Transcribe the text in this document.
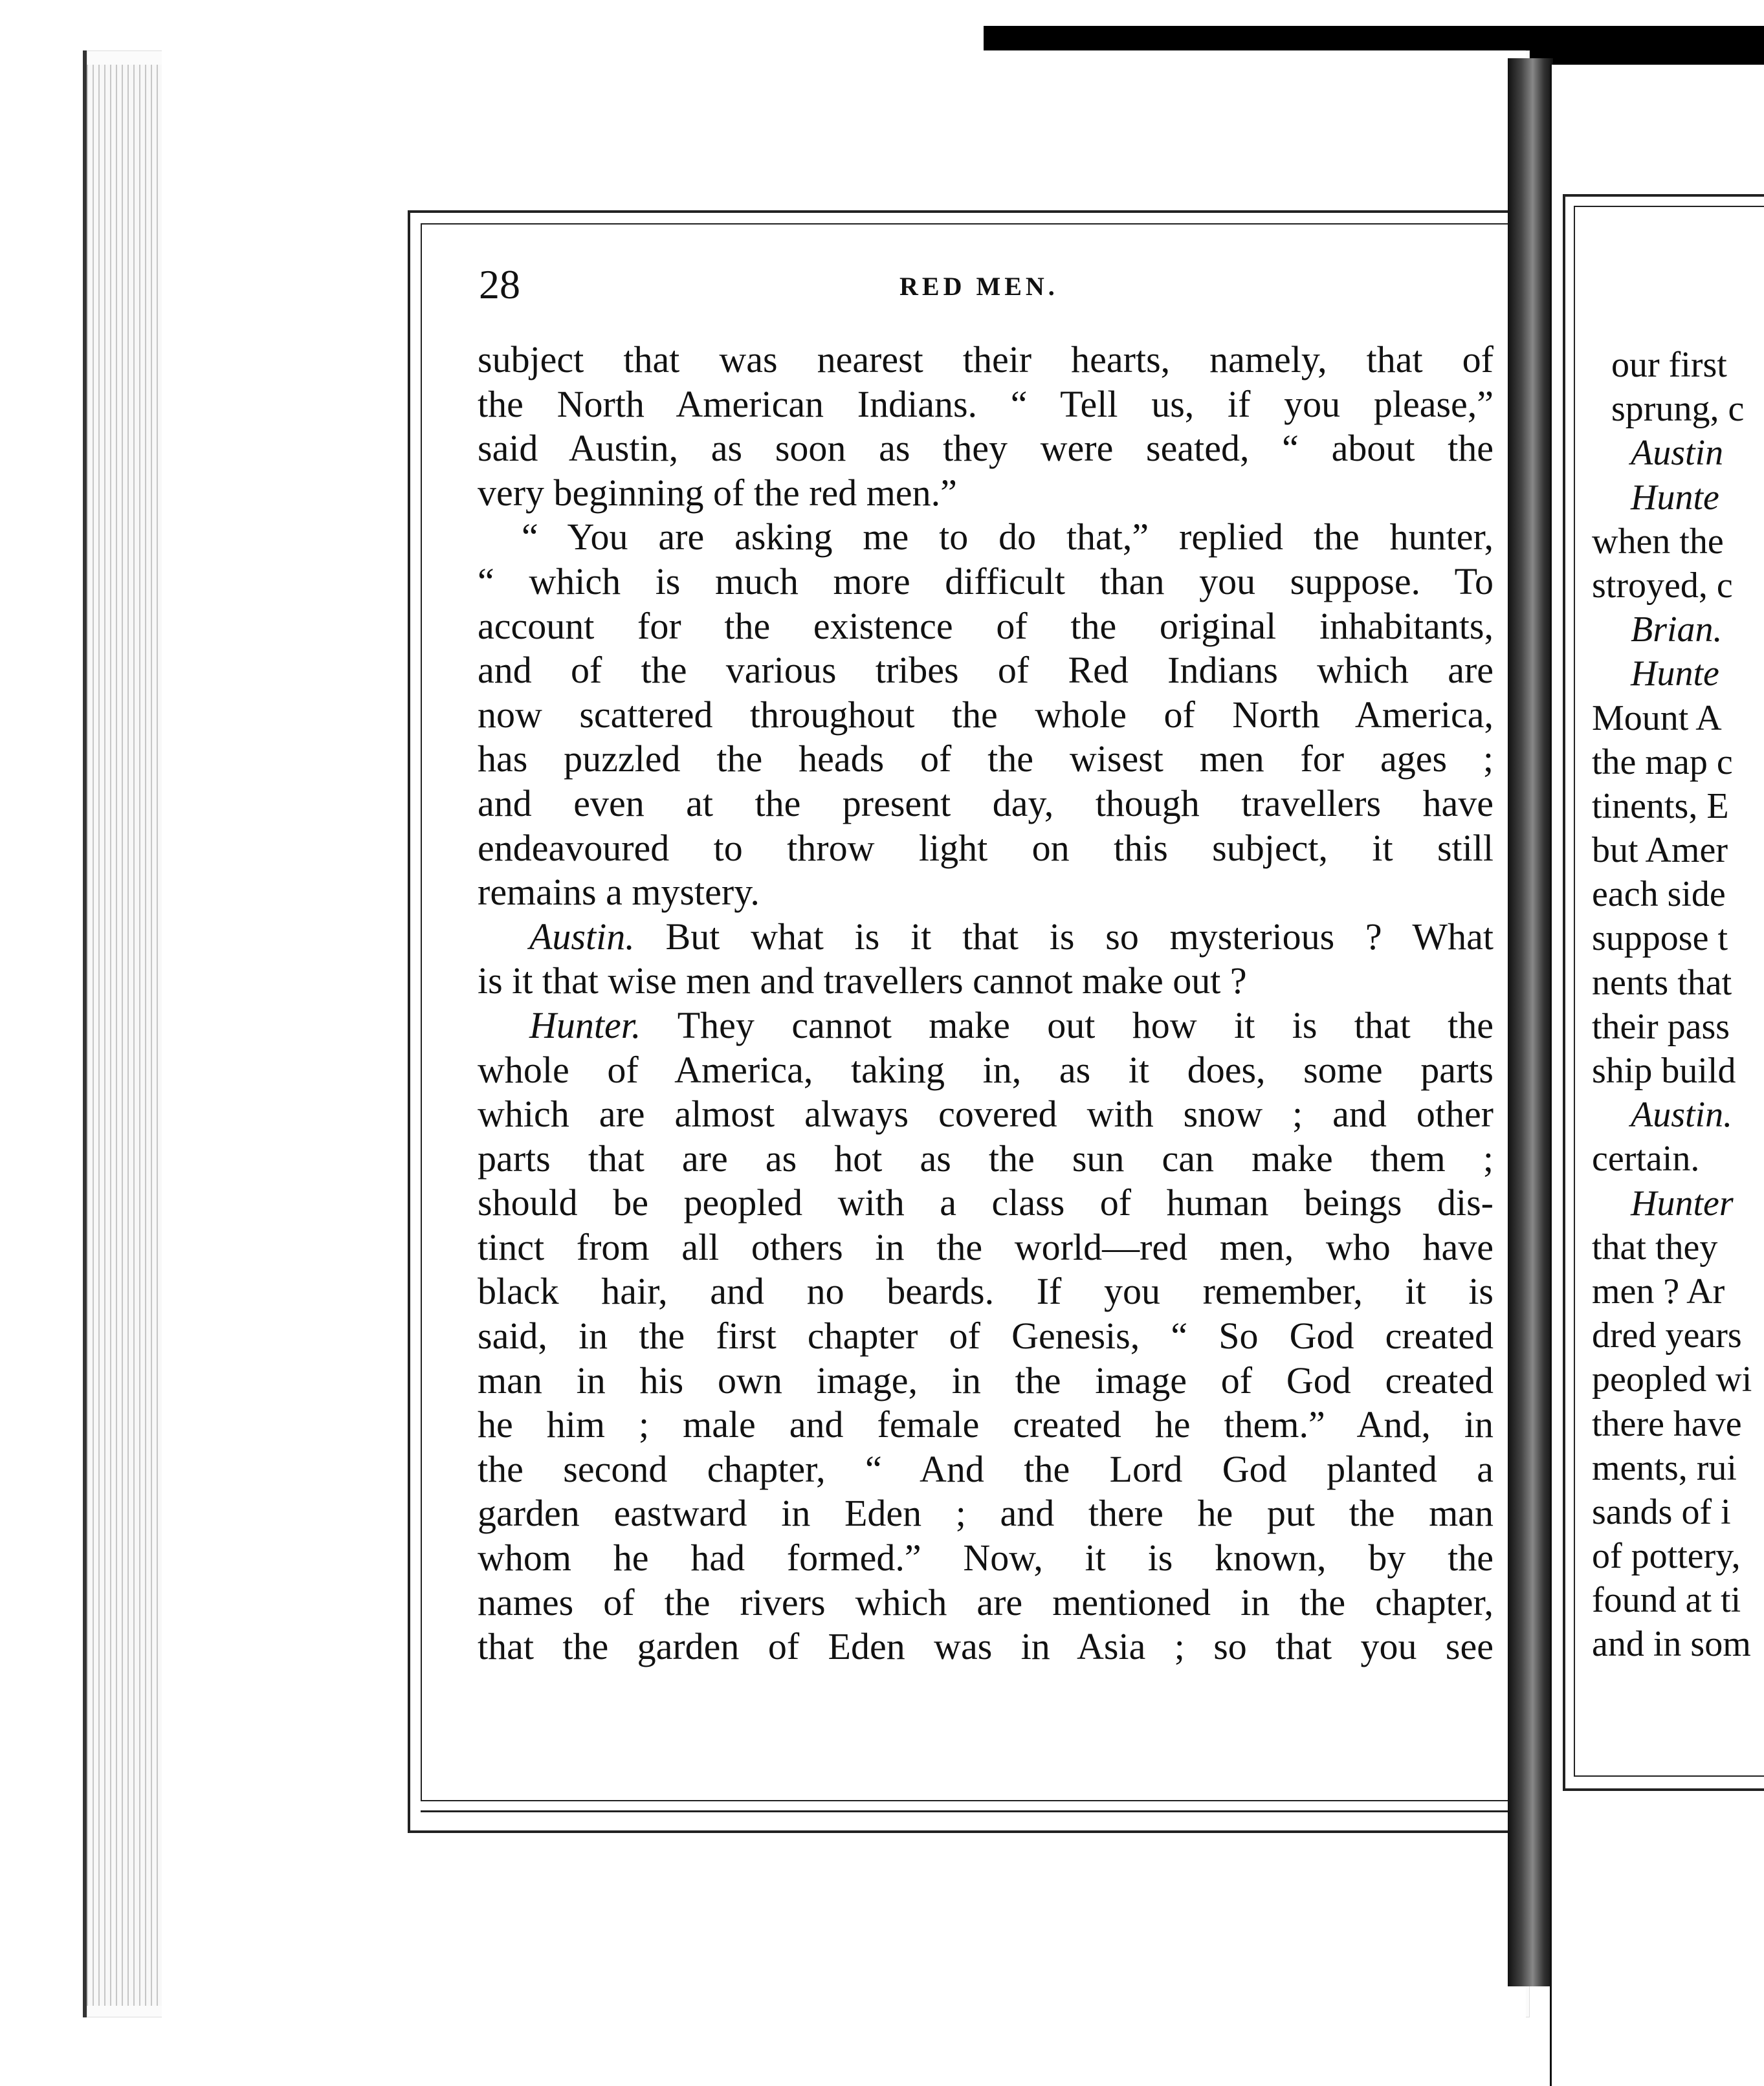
28	RED MEN.
subject that was nearest their hearts, namely, that of
the North American Indians. “ Tell us, if you please,”
said Austin, as soon as they were seated, “ about the
very beginning of the red men.”
“ You are asking me to do that,” replied the hunter,
“ which is much more difficult than you suppose. To
account for the existence of the original inhabitants,
and of the various tribes of Red Indians which are
now scattered throughout the whole of North America,
has puzzled the heads of the wisest men for ages ;
and even at the present day, though travellers have
endeavoured to throw light on this subject, it still
remains a mystery.
Austin. But what is it that is so mysterious ? What
is it that wise men and travellers cannot make out ?
Hunter. They cannot make out how it is that the
whole of America, taking in, as it does, some parts
which are almost always covered with snow ; and other
parts that are as hot as the sun can make them ;
should be peopled with a class of human beings dis-
tinct from all others in the world—red men, who have
black hair, and no beards. If you remember, it is
said, in the first chapter of Genesis, “ So God created
man in his own image, in the image of God created
he him ; male and female created he them.” And, in
the second chapter, “ And the Lord God planted a
garden eastward in Eden ; and there he put the man
whom he had formed.” Now, it is known, by the
names of the rivers which are mentioned in the chapter,
that the garden of Eden was in Asia ; so that you see
our first
sprung, c
Austin
Hunte
when the
stroyed, c
Brian.
Hunte
Mount A
the map c
tinents, E
but Amer
each side
suppose t
nents that
their pass
ship build
Austin.
certain.
Hunter
that they
men ? Ar
dred years
peopled wi
there have
ments, rui
sands of i
of pottery,
found at ti
and in som
